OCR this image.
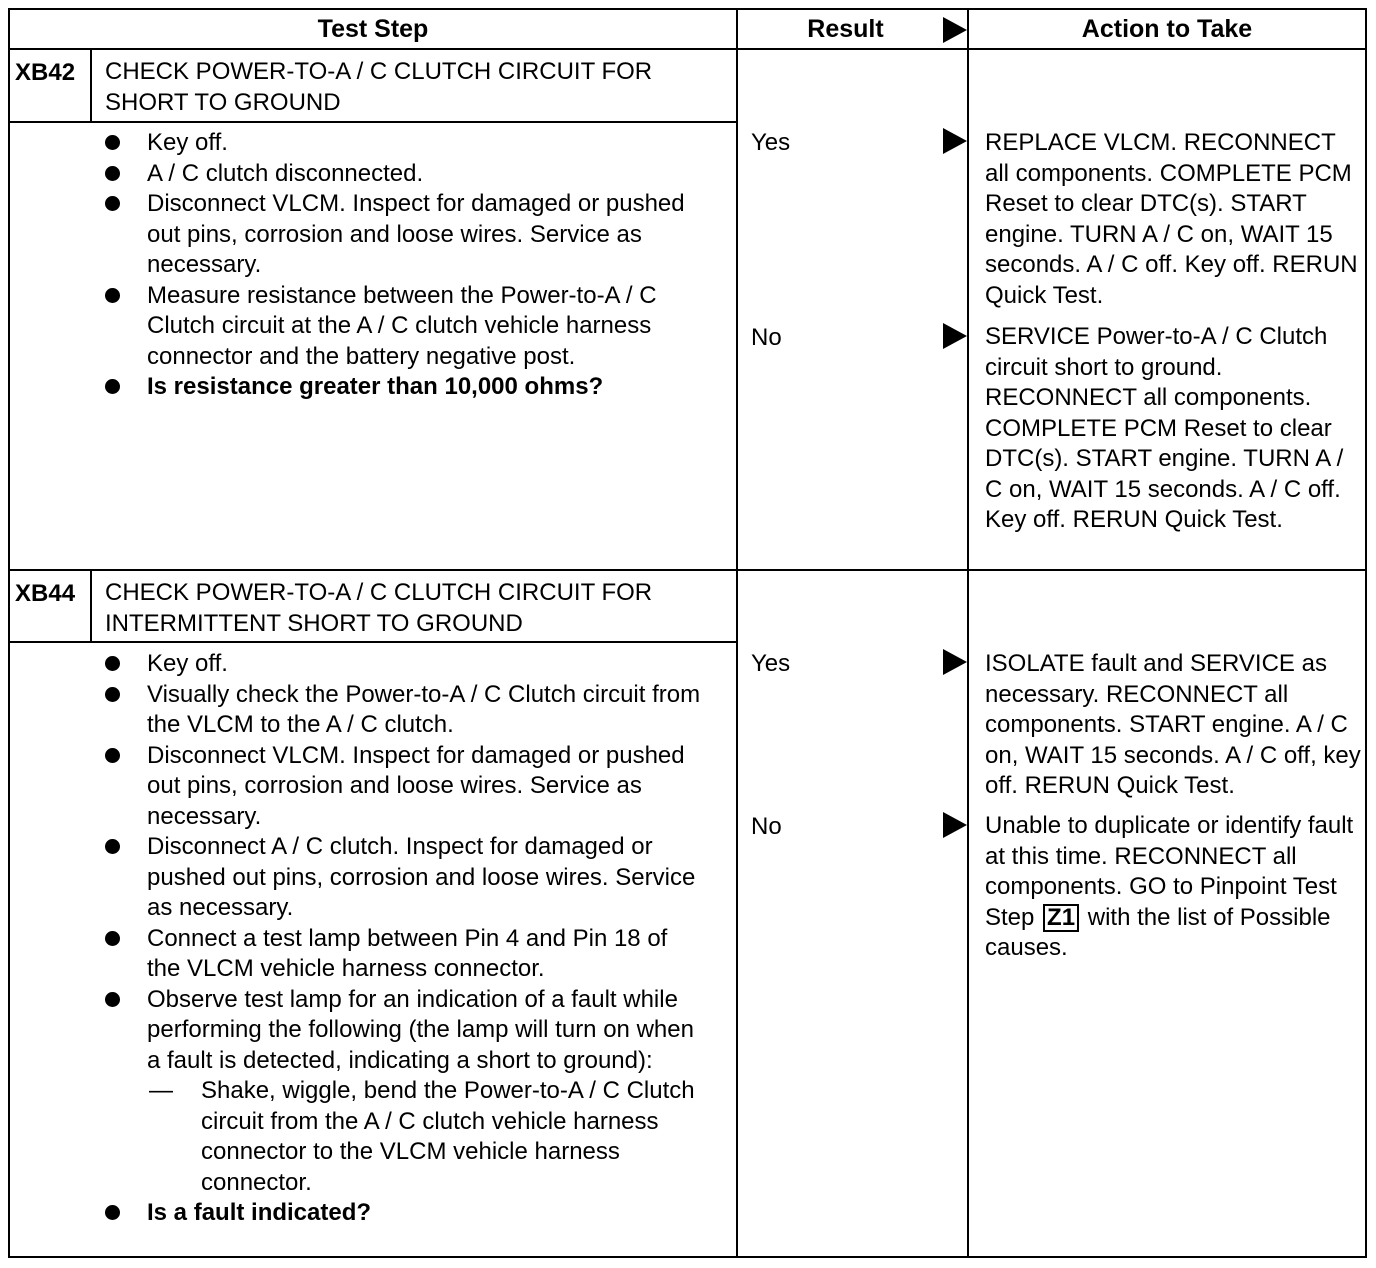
Test Step	Result	Action to Take
XB42 CHECK POWER-TO-A / C CLUTCH CIRCUIT FOR
SHORT TO GROUND
Key off.
A / C clutch disconnected.
Disconnect VLCM. Inspect for damaged or pushed out pins, corrosion and loose wires. Service as necessary.
Measure resistance between the Power-to-A / C Clutch circuit at the A / C clutch vehicle harness connector and the battery negative post.
Is resistance greater than 10,000 ohms?
Yes	REPLACE VLCM. RECONNECT all components. COMPLETE PCM Reset to clear DTC(s). START engine. TURN A / C on, WAIT 15 seconds. A / C off. Key off. RERUN Quick Test.
No	SERVICE Power-to-A / C Clutch circuit short to ground. RECONNECT all components. COMPLETE PCM Reset to clear DTC(s). START engine. TURN A / C on, WAIT 15 seconds. A / C off. Key off. RERUN Quick Test.
XB44 CHECK POWER-TO-A / C CLUTCH CIRCUIT FOR
INTERMITTENT SHORT TO GROUND
Key off.
Visually check the Power-to-A / C Clutch circuit from the VLCM to the A / C clutch.
Disconnect VLCM. Inspect for damaged or pushed out pins, corrosion and loose wires. Service as necessary.
Disconnect A / C clutch. Inspect for damaged or pushed out pins, corrosion and loose wires. Service as necessary.
Connect a test lamp between Pin 4 and Pin 18 of the VLCM vehicle harness connector.
Observe test lamp for an indication of a fault while performing the following (the lamp will turn on when a fault is detected, indicating a short to ground):
— Shake, wiggle, bend the Power-to-A / C Clutch circuit from the A / C clutch vehicle harness connector to the VLCM vehicle harness connector.
Is a fault indicated?
Yes	ISOLATE fault and SERVICE as necessary. RECONNECT all components. START engine. A / C on, WAIT 15 seconds. A / C off, key off. RERUN Quick Test.
No	Unable to duplicate or identify fault at this time. RECONNECT all components. GO to Pinpoint Test Step Z1 with the list of Possible causes.
